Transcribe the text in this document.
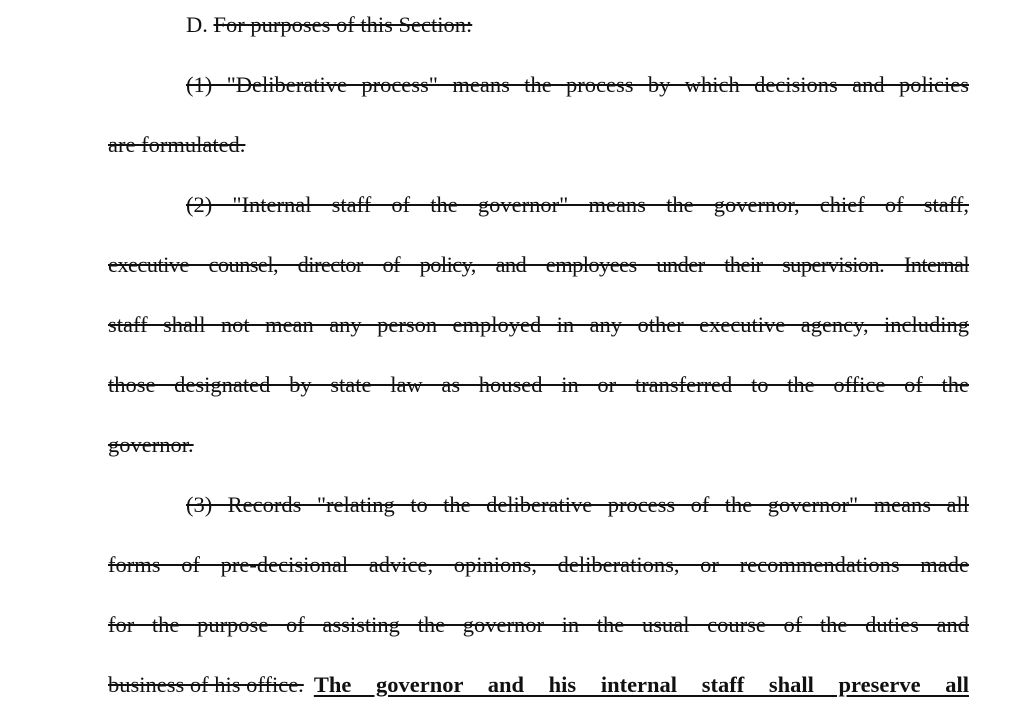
D. For purposes of this Section:
(1) "Deliberative process" means the process by which decisions and policies
are formulated.
(2) "Internal staff of the governor" means the governor, chief of staff,
executive counsel, director of policy, and employees under their supervision. Internal
staff shall not mean any person employed in any other executive agency, including
those designated by state law as housed in or transferred to the office of the
governor.
(3) Records "relating to the deliberative process of the governor" means all
forms of pre-decisional advice, opinions, deliberations, or recommendations made
for the purpose of assisting the governor in the usual course of the duties and
business of his office. The governor and his internal staff shall preserve all
